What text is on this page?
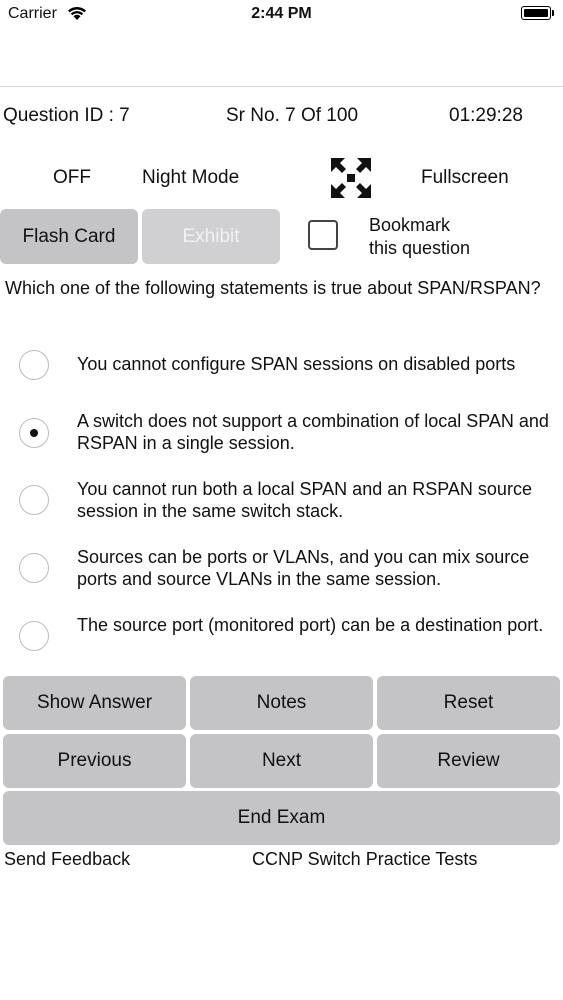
Carrier	2:44 PM
Question ID : 7	Sr No. 7 Of 100	01:29:28
OFF	Night Mode	Fullscreen
Flash Card	Exhibit
Bookmark
this question
Which one of the following statements is true about SPAN/RSPAN?
You cannot configure SPAN sessions on disabled ports
A switch does not support a combination of local SPAN and RSPAN in a single session.
You cannot run both a local SPAN and an RSPAN source session in the same switch stack.
Sources can be ports or VLANs, and you can mix source ports and source VLANs in the same session.
The source port (monitored port) can be a destination port.
Show Answer	Notes	Reset
Previous	Next	Review
End Exam
Send Feedback	CCNP Switch Practice Tests
